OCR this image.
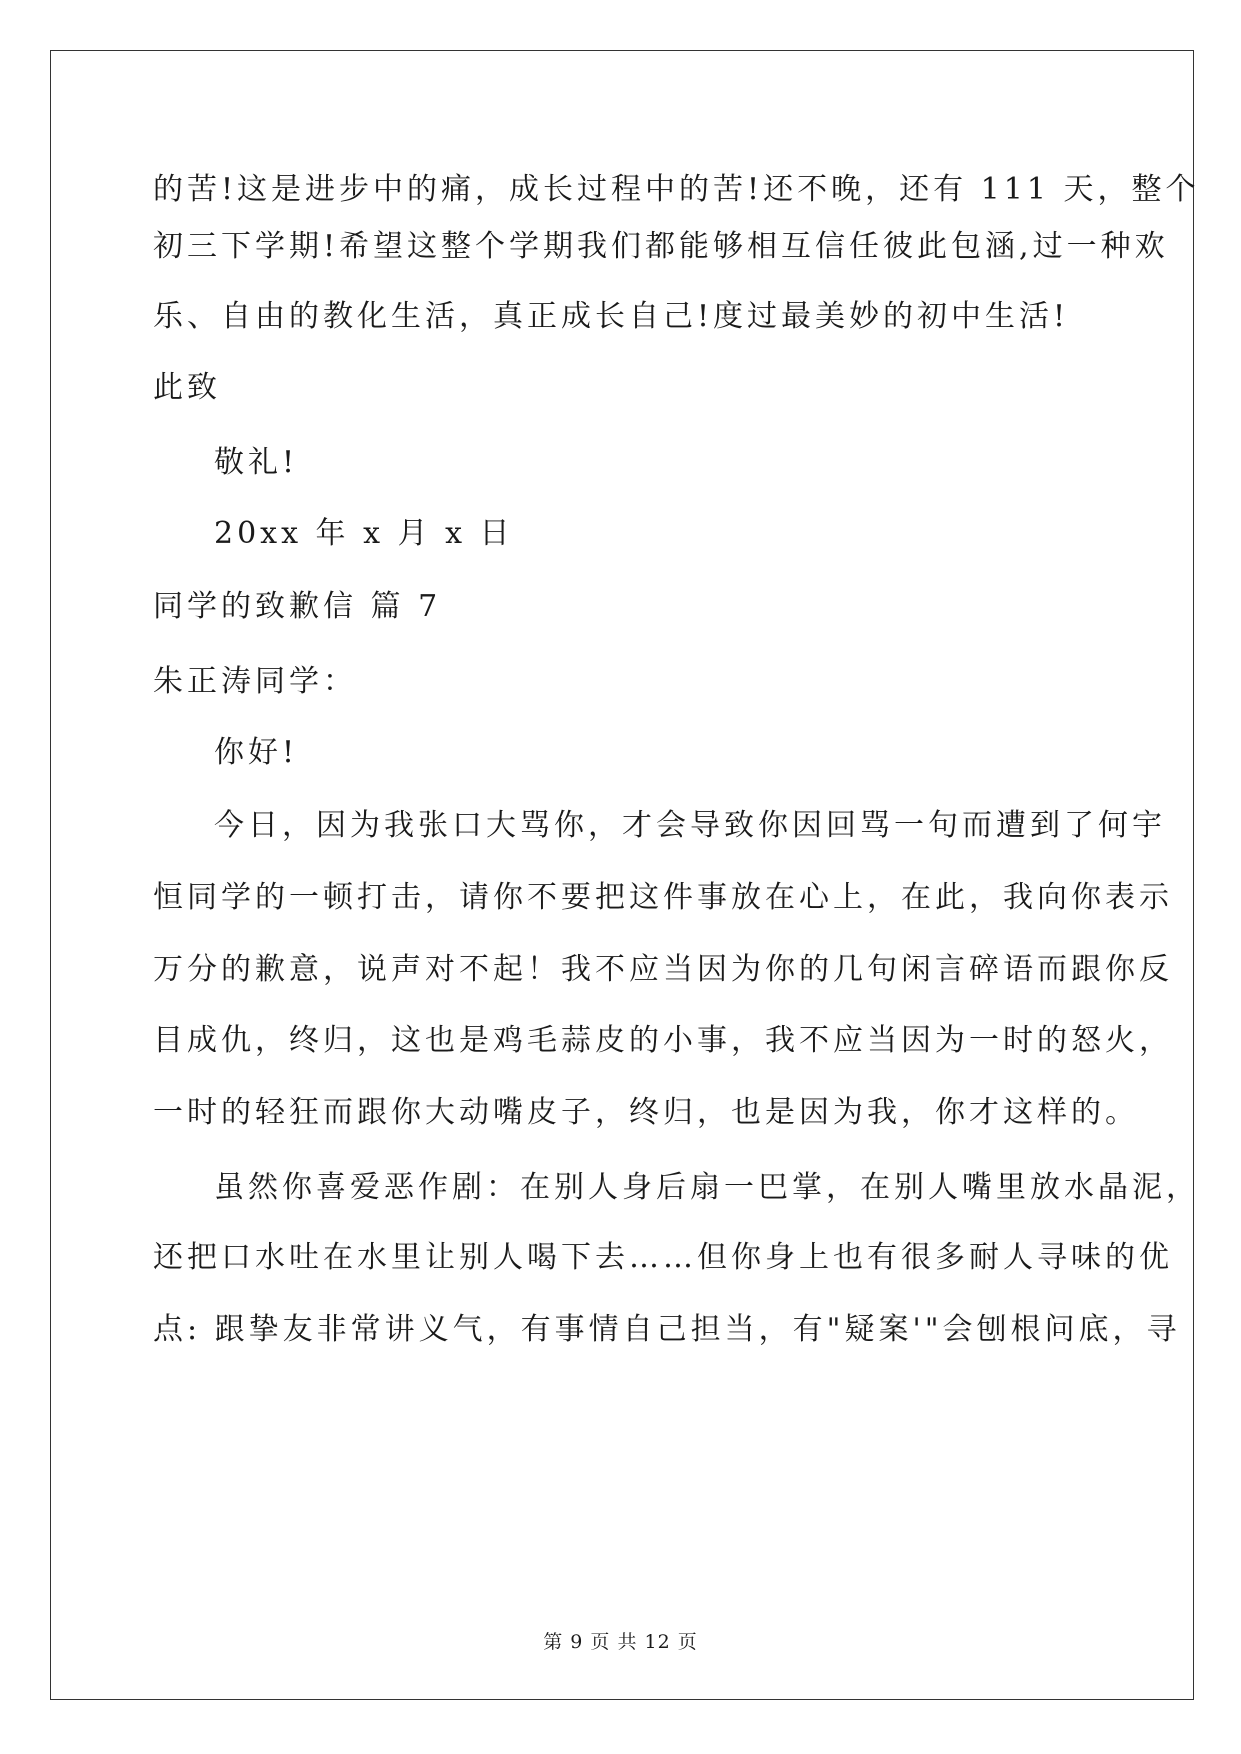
的苦!这是进步中的痛，成长过程中的苦!还不晚，还有 111 天，整个
初三下学期!希望这整个学期我们都能够相互信任彼此包涵,过一种欢
乐、自由的教化生活，真正成长自己!度过最美妙的初中生活!
此致
敬礼!
20xx 年 x 月 x 日
同学的致歉信 篇 7
朱正涛同学：
你好!
今日，因为我张口大骂你，才会导致你因回骂一句而遭到了何宇
恒同学的一顿打击，请你不要把这件事放在心上，在此，我向你表示
万分的歉意，说声对不起！我不应当因为你的几句闲言碎语而跟你反
目成仇，终归，这也是鸡毛蒜皮的小事，我不应当因为一时的怒火，
一时的轻狂而跟你大动嘴皮子，终归，也是因为我，你才这样的。
虽然你喜爱恶作剧：在别人身后扇一巴掌，在别人嘴里放水晶泥，
还把口水吐在水里让别人喝下去……但你身上也有很多耐人寻味的优
点: 跟挚友非常讲义气，有事情自己担当，有"疑案'"会刨根问底，寻
第 9 页 共 12 页
